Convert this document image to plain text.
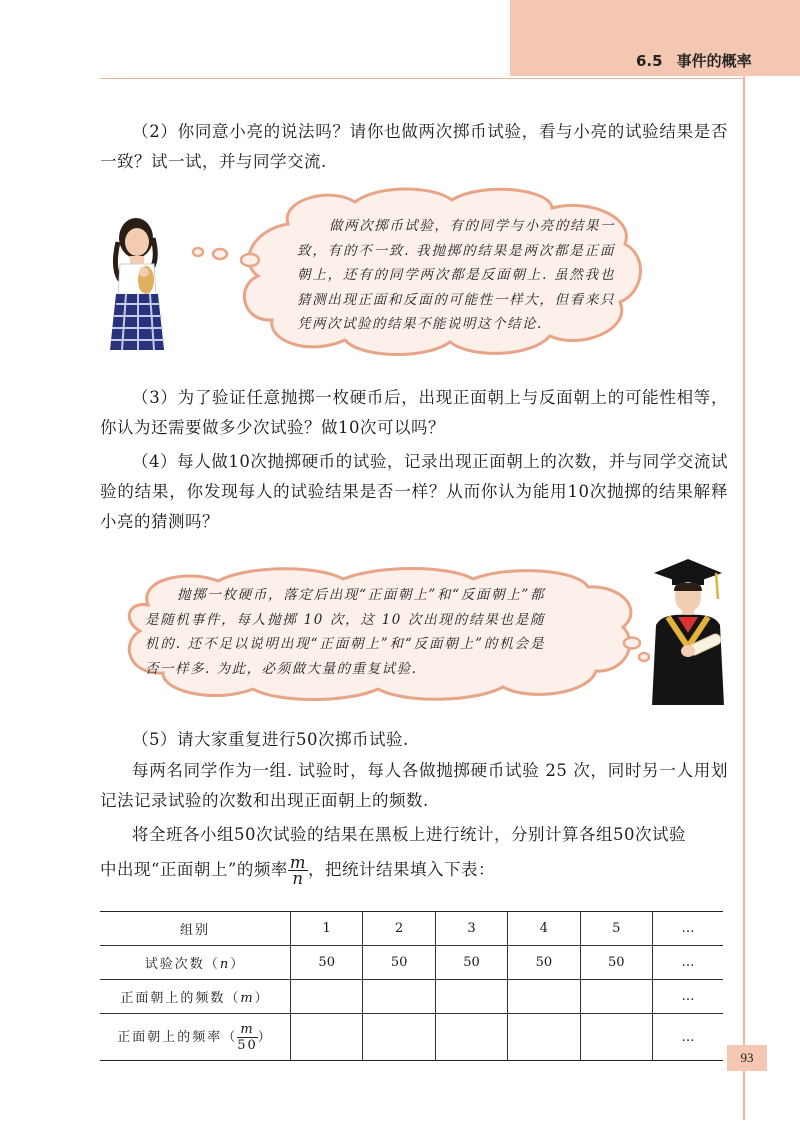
6.5 事件的概率
（2）你同意小亮的说法吗？请你也做两次掷币试验，看与小亮的试验结果是否一致？试一试，并与同学交流.
做两次掷币试验，有的同学与小亮的结果一致，有的不一致. 我抛掷的结果是两次都是正面朝上，还有的同学两次都是反面朝上. 虽然我也猜测出现正面和反面的可能性一样大，但看来只凭两次试验的结果不能说明这个结论.
（3）为了验证任意抛掷一枚硬币后，出现正面朝上与反面朝上的可能性相等，你认为还需要做多少次试验？做10次可以吗？
（4）每人做10次抛掷硬币的试验，记录出现正面朝上的次数，并与同学交流试验的结果，你发现每人的试验结果是否一样？从而你认为能用10次抛掷的结果解释小亮的猜测吗？
抛掷一枚硬币，落定后出现“正面朝上”和“反面朝上”都是随机事件，每人抛掷 10 次，这 10 次出现的结果也是随机的. 还不足以说明出现“正面朝上”和“反面朝上”的机会是否一样多. 为此，必须做大量的重复试验.
（5）请大家重复进行50次掷币试验.
每两名同学作为一组. 试验时，每人各做抛掷硬币试验 25 次，同时另一人用划记法记录试验的次数和出现正面朝上的频数.
将全班各小组50次试验的结果在黑板上进行统计，分别计算各组50次试验
中出现“正面朝上”的频率 $\frac{m}{n}$ ，把统计结果填入下表：
组别	1	2	3	4	5	…
试验次数（n）	50	50	50	50	50	…
正面朝上的频数（m）						…
正面朝上的频率（ $\frac{m}{50}$ ）						…
93
